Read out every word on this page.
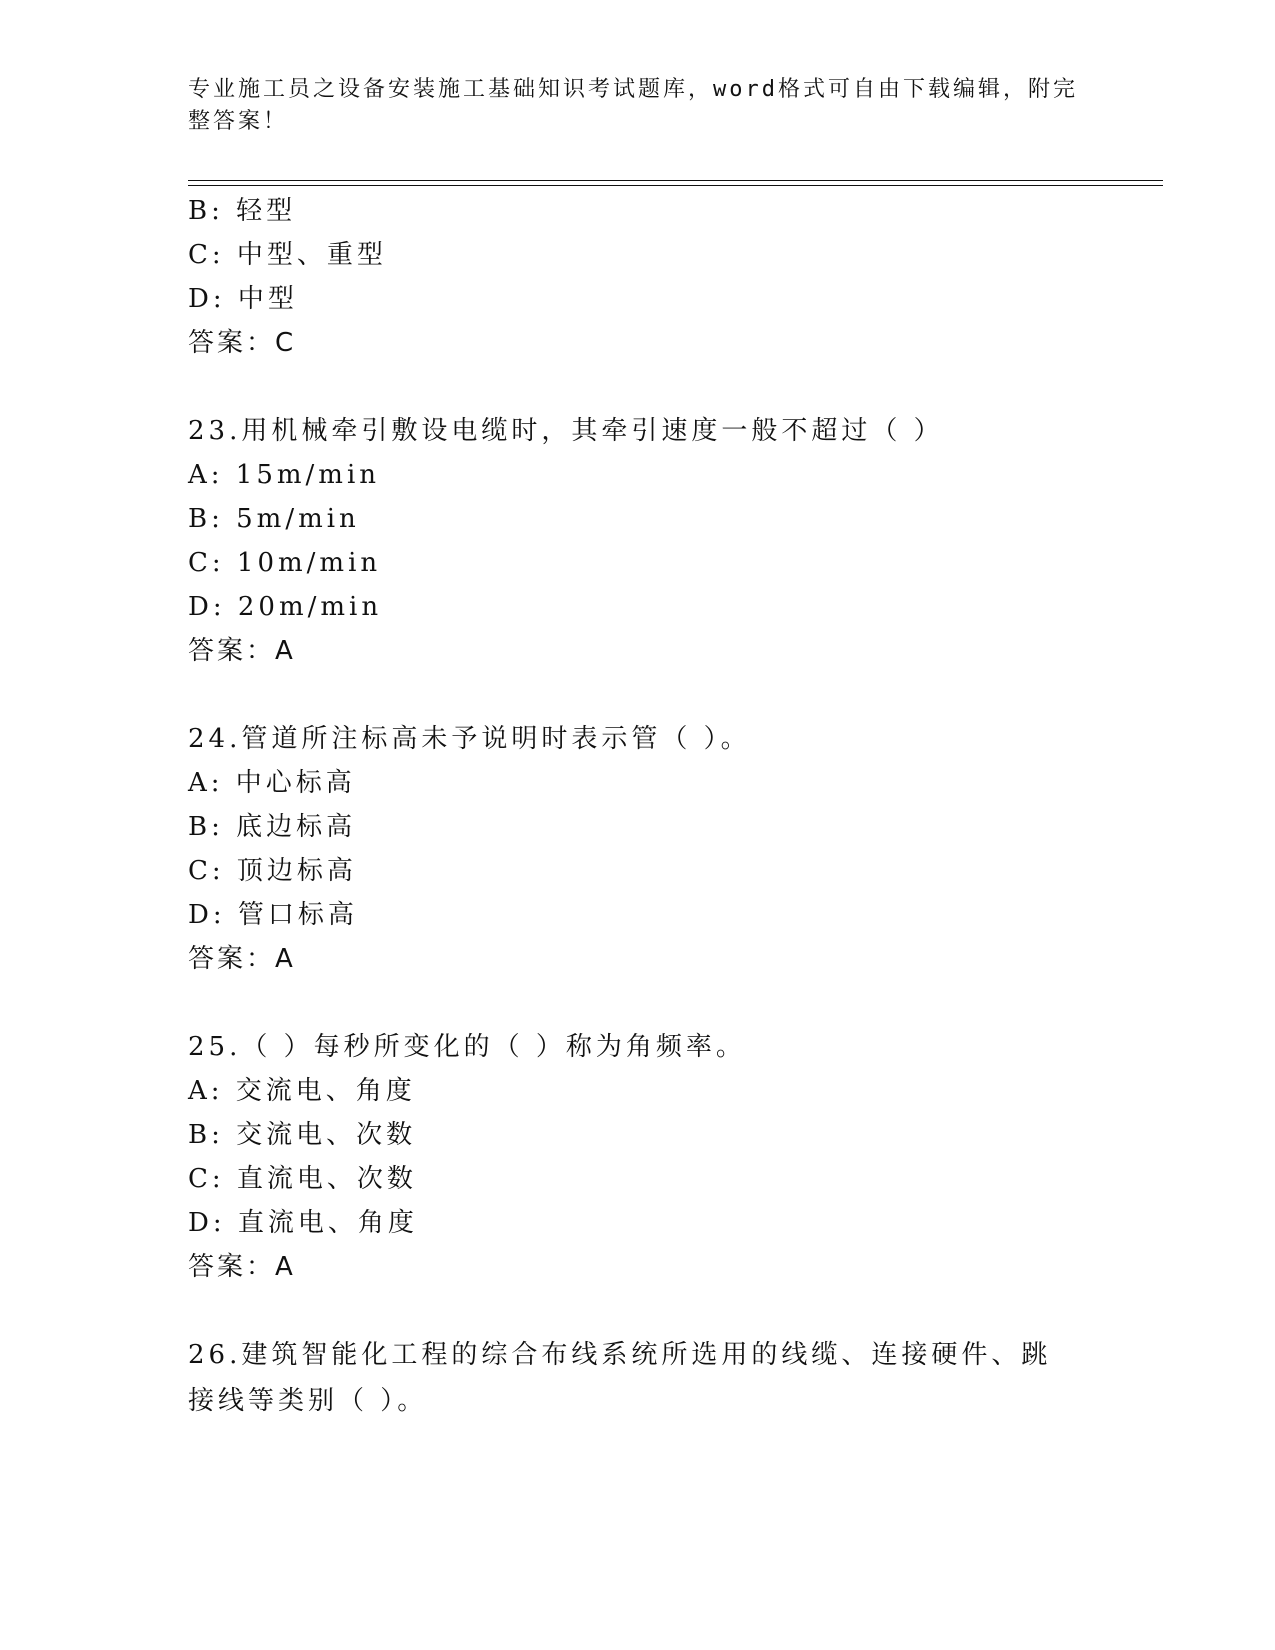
专业施工员之设备安装施工基础知识考试题库，word格式可自由下载编辑，附完整答案！
B: 轻型
C: 中型、重型
D: 中型
答案：C
23.用机械牵引敷设电缆时，其牵引速度一般不超过（ ）
A: 15m/min
B: 5m/min
C: 10m/min
D: 20m/min
答案：A
24.管道所注标高未予说明时表示管（ ）。
A: 中心标高
B: 底边标高
C: 顶边标高
D: 管口标高
答案：A
25.（ ）每秒所变化的（ ）称为角频率。
A: 交流电、角度
B: 交流电、次数
C: 直流电、次数
D: 直流电、角度
答案：A
26.建筑智能化工程的综合布线系统所选用的线缆、连接硬件、跳接线等类别（ ）。
